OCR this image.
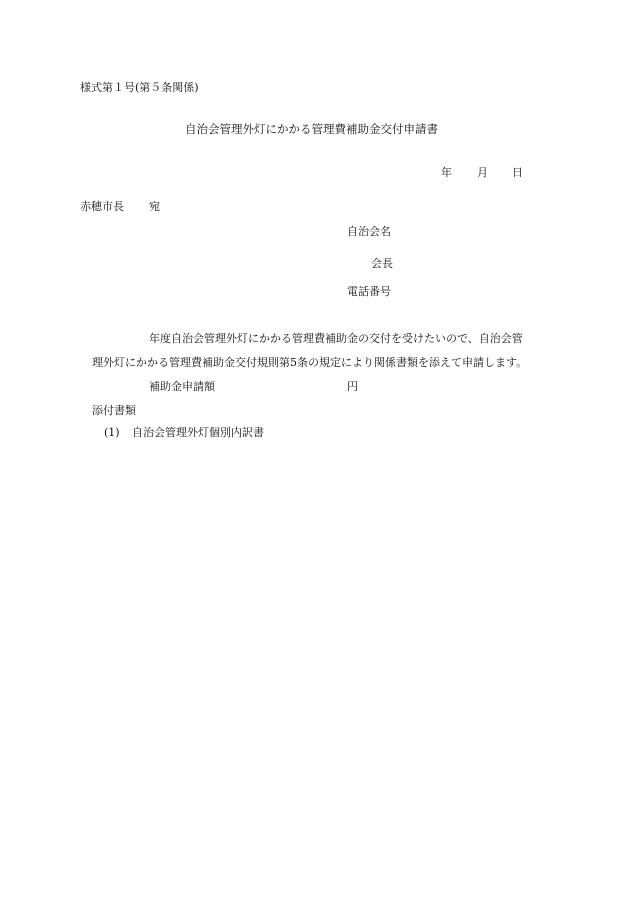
様式第１号(第５条関係)
自治会管理外灯にかかる管理費補助金交付申請書
年 月 日
赤穂市長 宛
自治会名
会長
電話番号
年度自治会管理外灯にかかる管理費補助金の交付を受けたいので、自治会管
理外灯にかかる管理費補助金交付規則第5条の規定により関係書類を添えて申請します。
補助金申請額	円
添付書類
(1) 自治会管理外灯個別内訳書
